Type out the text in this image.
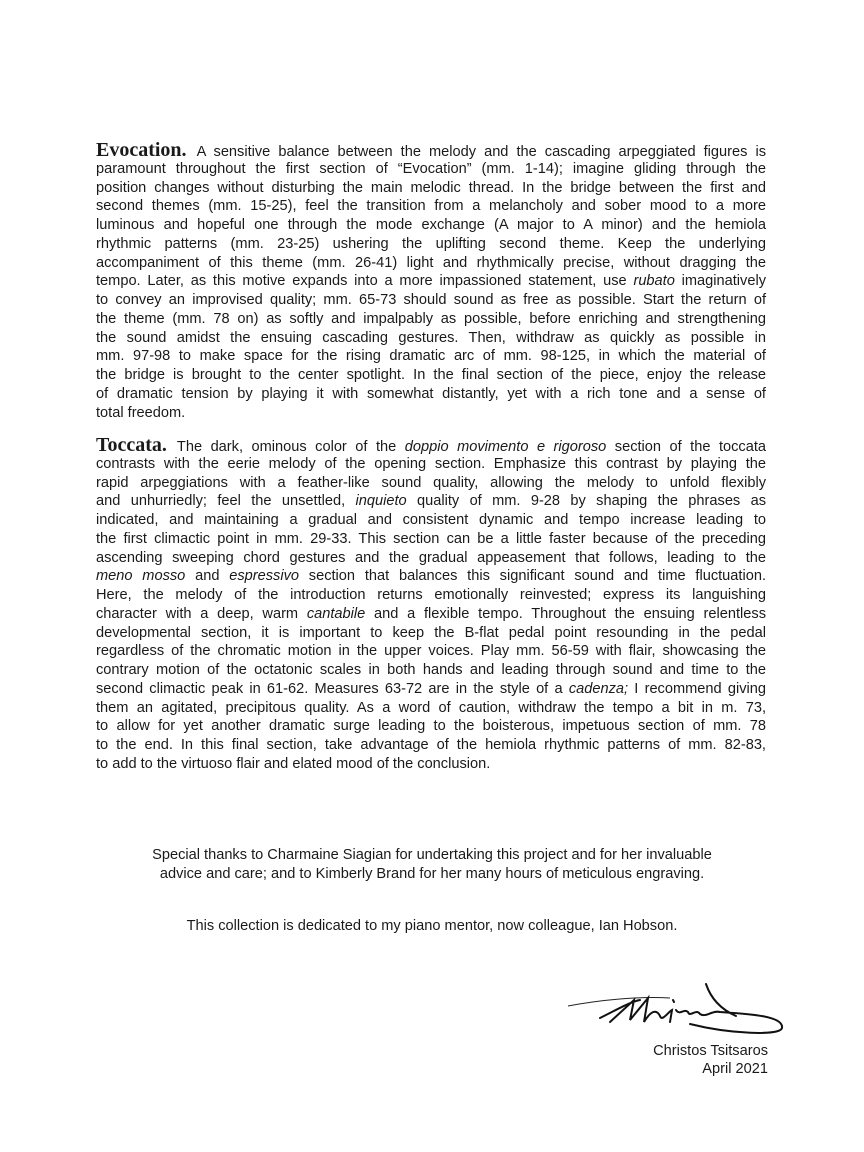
Evocation. A sensitive balance between the melody and the cascading arpeggiated figures is
paramount throughout the first section of “Evocation” (mm. 1-14); imagine gliding through the
position changes without disturbing the main melodic thread. In the bridge between the first and
second themes (mm. 15-25), feel the transition from a melancholy and sober mood to a more
luminous and hopeful one through the mode exchange (A major to A minor) and the hemiola
rhythmic patterns (mm. 23-25) ushering the uplifting second theme. Keep the underlying
accompaniment of this theme (mm. 26-41) light and rhythmically precise, without dragging the
tempo. Later, as this motive expands into a more impassioned statement, use rubato imaginatively
to convey an improvised quality; mm. 65-73 should sound as free as possible. Start the return of
the theme (mm. 78 on) as softly and impalpably as possible, before enriching and strengthening
the sound amidst the ensuing cascading gestures. Then, withdraw as quickly as possible in
mm. 97-98 to make space for the rising dramatic arc of mm. 98-125, in which the material of
the bridge is brought to the center spotlight. In the final section of the piece, enjoy the release
of dramatic tension by playing it with somewhat distantly, yet with a rich tone and a sense of
total freedom.
Toccata. The dark, ominous color of the doppio movimento e rigoroso section of the toccata
contrasts with the eerie melody of the opening section. Emphasize this contrast by playing the
rapid arpeggiations with a feather-like sound quality, allowing the melody to unfold flexibly
and unhurriedly; feel the unsettled, inquieto quality of mm. 9-28 by shaping the phrases as
indicated, and maintaining a gradual and consistent dynamic and tempo increase leading to
the first climactic point in mm. 29-33. This section can be a little faster because of the preceding
ascending sweeping chord gestures and the gradual appeasement that follows, leading to the
meno mosso and espressivo section that balances this significant sound and time fluctuation.
Here, the melody of the introduction returns emotionally reinvested; express its languishing
character with a deep, warm cantabile and a flexible tempo. Throughout the ensuing relentless
developmental section, it is important to keep the B-flat pedal point resounding in the pedal
regardless of the chromatic motion in the upper voices. Play mm. 56-59 with flair, showcasing the
contrary motion of the octatonic scales in both hands and leading through sound and time to the
second climactic peak in 61-62. Measures 63-72 are in the style of a cadenza; I recommend giving
them an agitated, precipitous quality. As a word of caution, withdraw the tempo a bit in m. 73,
to allow for yet another dramatic surge leading to the boisterous, impetuous section of mm. 78
to the end. In this final section, take advantage of the hemiola rhythmic patterns of mm. 82-83,
to add to the virtuoso flair and elated mood of the conclusion.
Special thanks to Charmaine Siagian for undertaking this project and for her invaluable
advice and care; and to Kimberly Brand for her many hours of meticulous engraving.
This collection is dedicated to my piano mentor, now colleague, Ian Hobson.
Christos Tsitsaros
April 2021
